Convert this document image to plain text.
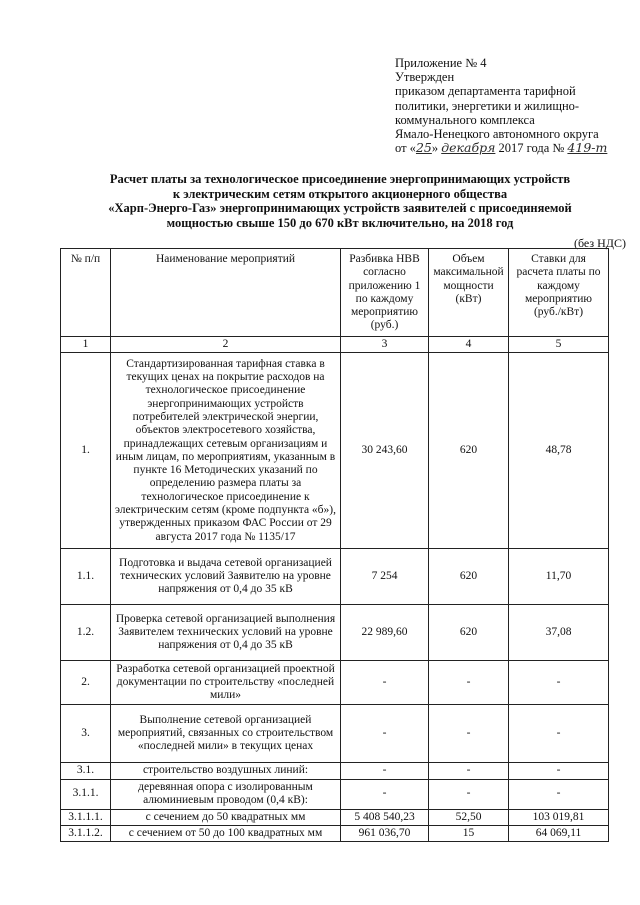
Приложение № 4
Утвержден
приказом департамента тарифной
политики, энергетики и жилищно-
коммунального комплекса
Ямало-Ненецкого автономного округа
от «25» декабря 2017 года № 419-т
Расчет платы за технологическое присоединение энергопринимающих устройств
к электрическим сетям открытого акционерного общества
«Харп-Энерго-Газ» энергопринимающих устройств заявителей с присоединяемой
мощностью свыше 150 до 670 кВт включительно, на 2018 год
(без НДС)
№ п/п	Наименование мероприятий	Разбивка НВВ согласно приложению 1 по каждому мероприятию (руб.)	Объем максимальной мощности (кВт)	Ставки для расчета платы по каждому мероприятию (руб./кВт)
1	2	3	4	5
1.	Стандартизированная тарифная ставка в текущих ценах на покрытие расходов на технологическое присоединение энергопринимающих устройств потребителей электрической энергии, объектов электросетевого хозяйства, принадлежащих сетевым организациям и иным лицам, по мероприятиям, указанным в пункте 16 Методических указаний по определению размера платы за технологическое присоединение к электрическим сетям (кроме подпункта «б»), утвержденных приказом ФАС России от 29 августа 2017 года № 1135/17	30 243,60	620	48,78
1.1.	Подготовка и выдача сетевой организацией технических условий Заявителю на уровне напряжения от 0,4 до 35 кВ	7 254	620	11,70
1.2.	Проверка сетевой организацией выполнения Заявителем технических условий на уровне напряжения от 0,4 до 35 кВ	22 989,60	620	37,08
2.	Разработка сетевой организацией проектной документации по строительству «последней мили»	-	-	-
3.	Выполнение сетевой организацией мероприятий, связанных со строительством «последней мили» в текущих ценах	-	-	-
3.1.	строительство воздушных линий:	-	-	-
3.1.1.	деревянная опора с изолированным алюминиевым проводом (0,4 кВ):	-	-	-
3.1.1.1.	с сечением до 50 квадратных мм	5 408 540,23	52,50	103 019,81
3.1.1.2.	с сечением от 50 до 100 квадратных мм	961 036,70	15	64 069,11
